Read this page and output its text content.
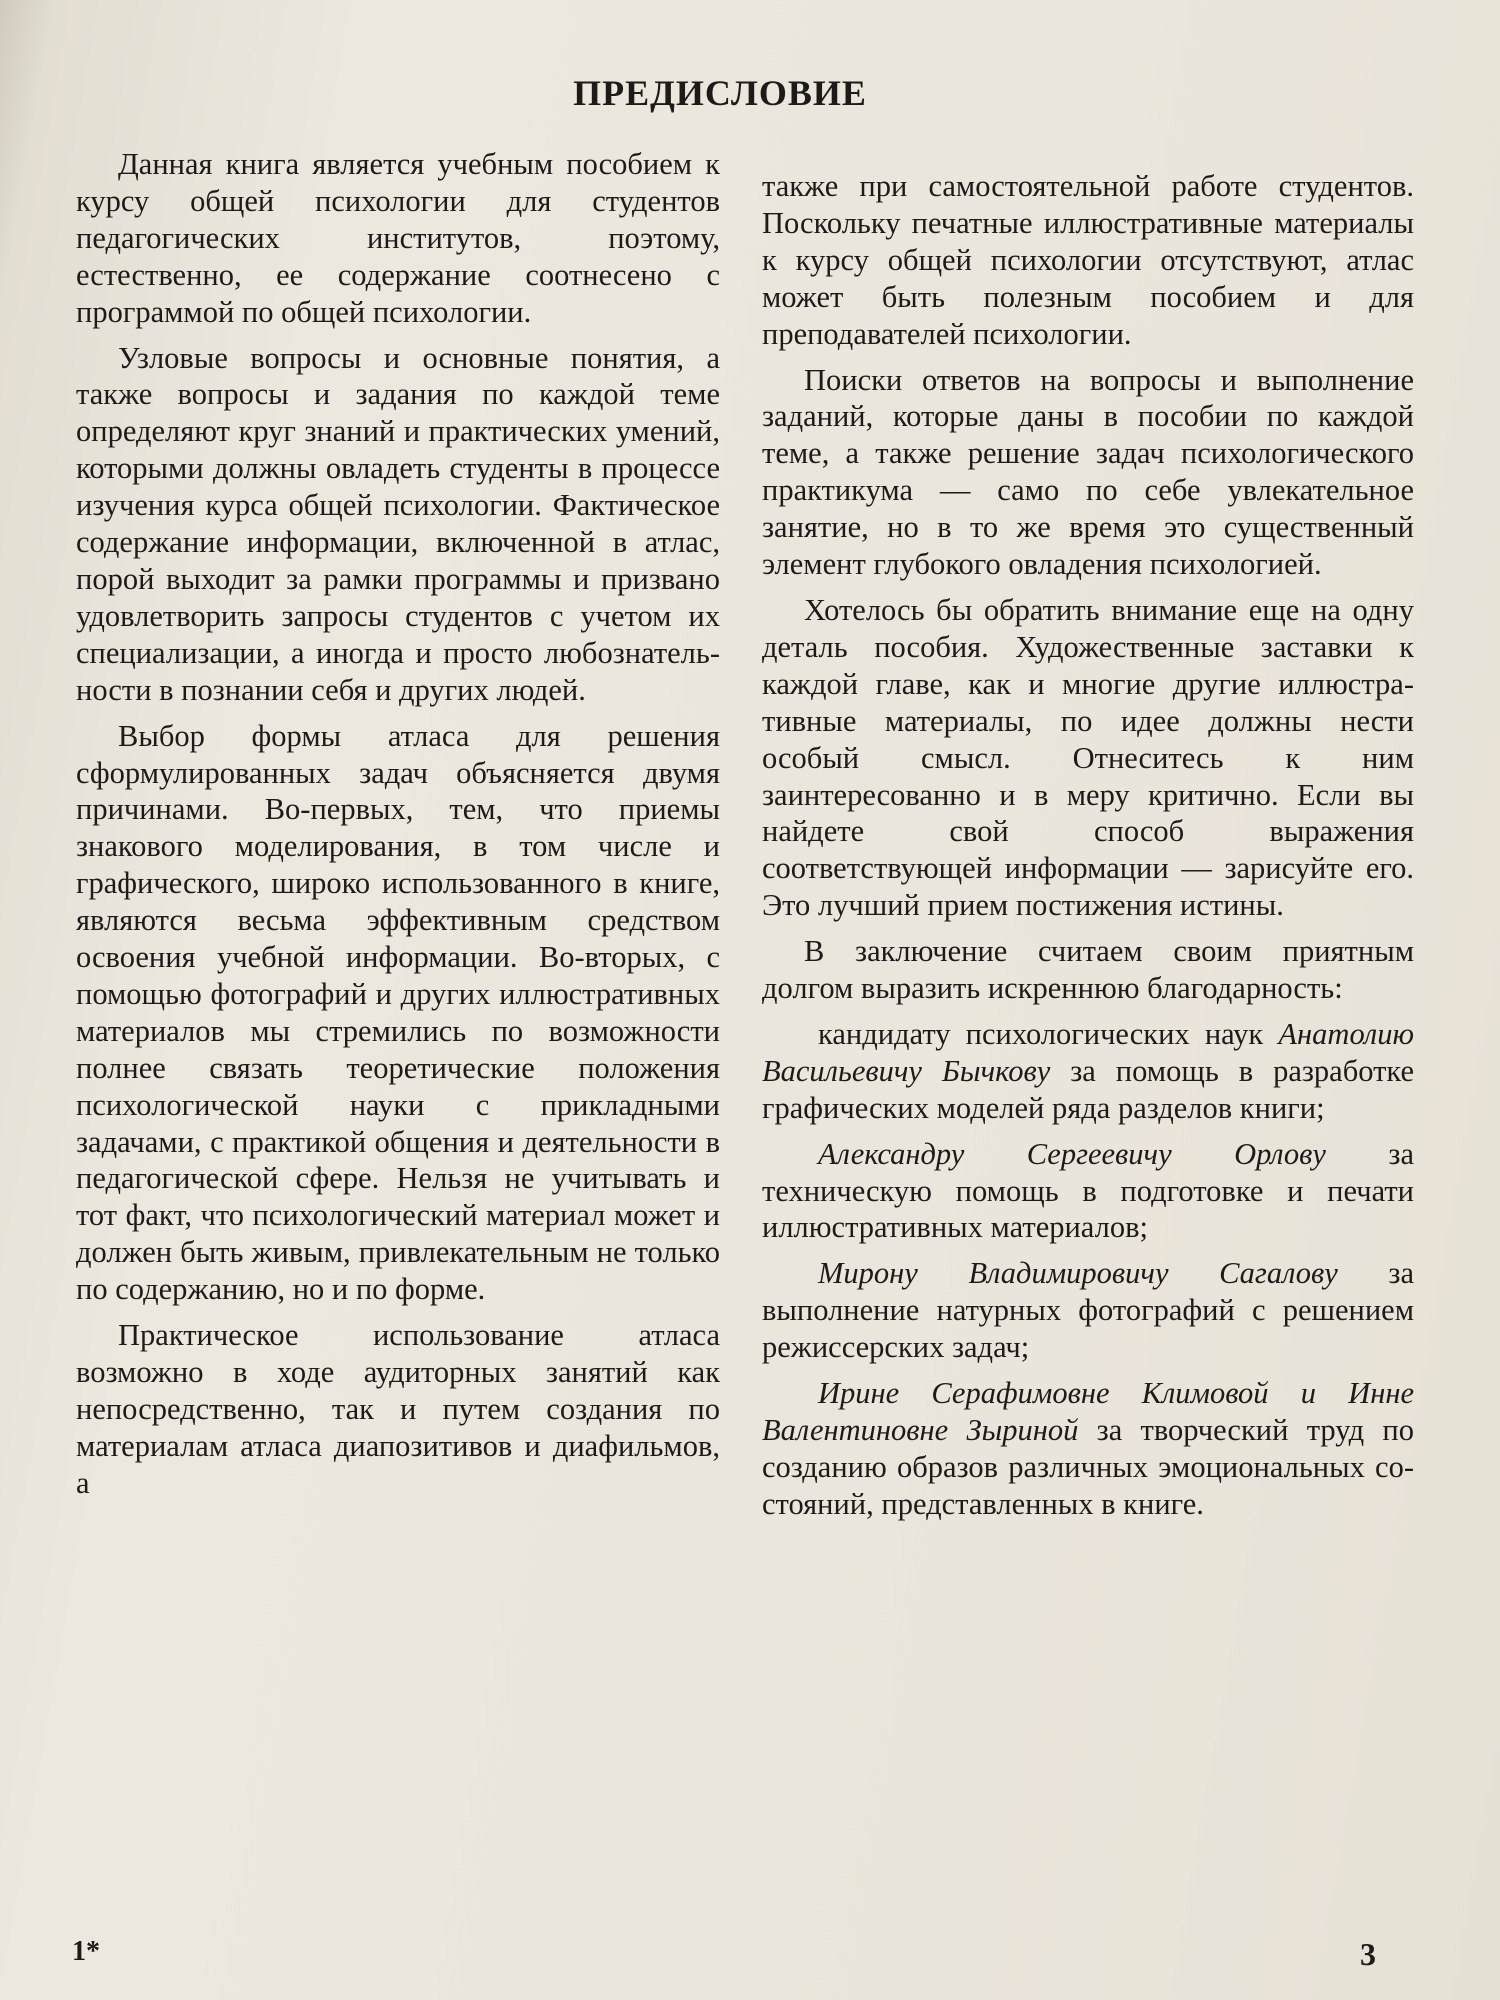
ПРЕДИСЛОВИЕ

Данная книга является учебным пособием к курсу общей психологии для студентов педагогических институтов, поэтому, естественно, ее содержание соотнесено с программой по общей психологии.

Узловые вопросы и основные понятия, а также вопросы и задания по каждой теме определяют круг знаний и практических умений, которыми должны овладеть студенты в процессе изучения курса общей психологии. Фактическое содержание информации, включенной в атлас, порой выходит за рамки программы и призвано удовлетворить запросы студентов с учетом их специализации, а иногда и просто любознательности в познании себя и других людей.

Выбор формы атласа для решения сформулированных задач объясняется двумя причинами. Во-первых, тем, что приемы знакового моделирования, в том числе и графического, широко использованного в книге, являются весьма эффективным средством освоения учебной информации. Во-вторых, с помощью фотографий и других иллюстративных материалов мы стремились по возможности полнее связать теоретические положения психологической науки с прикладными задачами, с практикой общения и деятельности в педагогической сфере. Нельзя не учитывать и тот факт, что психологический материал может и должен быть живым, привлекательным не только по содержанию, но и по форме.

Практическое использование атласа возможно в ходе аудиторных занятий как непосредственно, так и путем создания по материалам атласа диапозитивов и диафильмов, а

также при самостоятельной работе студентов. Поскольку печатные иллюстративные материалы к курсу общей психологии отсутствуют, атлас может быть полезным пособием и для преподавателей психологии.

Поиски ответов на вопросы и выполнение заданий, которые даны в пособии по каждой теме, а также решение задач психологического практикума — само по себе увлекательное занятие, но в то же время это существенный элемент глубокого овладения психологией.

Хотелось бы обратить внимание еще на одну деталь пособия. Художественные заставки к каждой главе, как и многие другие иллюстративные материалы, по идее должны нести особый смысл. Отнеситесь к ним заинтересованно и в меру критично. Если вы найдете свой способ выражения соответствующей информации — зарисуйте его. Это лучший прием постижения истины.

В заключение считаем своим приятным долгом выразить искреннюю благодарность:

кандидату психологических наук Анатолию Васильевичу Бычкову за помощь в разработке графических моделей ряда разделов книги;

Александру Сергеевичу Орлову за техническую помощь в подготовке и печати иллюстративных материалов;

Мирону Владимировичу Сагалову за выполнение натурных фотографий с решением режиссерских задач;

Ирине Серафимовне Климовой и Инне Валентиновне Зыриной за творческий труд по созданию образов различных эмоциональных состояний, представленных в книге.

1*	3
